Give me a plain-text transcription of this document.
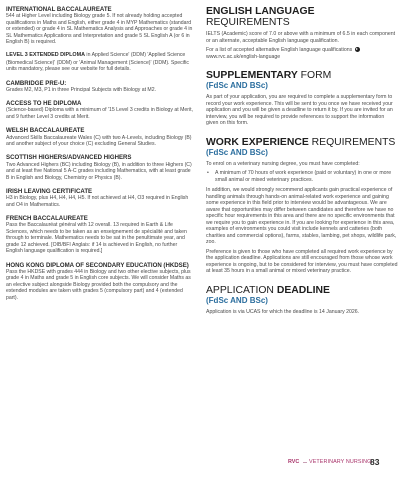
INTERNATIONAL BACCALAUREATE
544 at Higher Level including Biology grade 5. If not already holding accepted qualifications in Maths and English, either grade 4 in MYP Mathematics (standard or extended) or grade 4 in SL Mathematics Analysis and Approaches or grade 4 in SL Mathematics Applications and Interpretation and grade 5 SL English A (or 6 in English B) is required.
LEVEL 3 EXTENDED DIPLOMA in Applied Science' (DDM) 'Applied Science (Biomedical Science)' (DDM) or 'Animal Management (Science)' (DDM). Specific units mandatory, please see our website for full details.
CAMBRIDGE PRE-U:
Grades M2, M3, P1 in three Principal Subjects with Biology at M2.
ACCESS TO HE DIPLOMA
(Science-based) Diploma with a minimum of '15 Level 3 credits in Biology at Merit, and 9 further Level 3 credits at Merit.
WELSH BACCALAUREATE
Advanced Skills Baccalaureate Wales (C) with two A-Levels, including Biology (B) and another subject of your choice (C) excluding General Studies.
SCOTTISH HIGHERS/ADVANCED HIGHERS
Two Advanced Highers (BC) including Biology (B), in addition to three Highers (C) and at least five National 5 A-C grades including Mathematics, with at least grade B in English and Biology, Chemistry or Physics (B).
IRISH LEAVING CERTIFICATE
H3 in Biology, plus H4, H4, H4, H5. If not achieved at H4, O3 required in English and O4 in Mathematics.
FRENCH BACCALAUREATE
Pass the Baccalauréat général with 12 overall. 13 required in Earth & Life Sciences, which needs to be taken as an enseignement de spécialité and taken through to terminale. Mathematics needs to be sat in the penultimate year, and grade 12 achieved. [OIB/BFI Anglais: if 14 is achieved in English, no further English language qualification is required.]
HONG KONG DIPLOMA OF SECONDARY EDUCATION (HKDSE)
Pass the HKDSE with grades 444 in Biology and two other elective subjects, plus grade 4 in Maths and grade 5 in English core subjects. We will consider Maths as an elective subject alongside Biology provided both the compulsory and the extended modules are taken with grades 5 (compulsory part) and 4 (extended part).
ENGLISH LANGUAGE REQUIREMENTS
IELTS (Academic) score of 7.0 or above with a minimum of 6.5 in each component or an alternate, acceptable English language qualification.
For a list of accepted alternative English language qualifications  www.rvc.ac.uk/english-language
SUPPLEMENTARY FORM
(FdSc AND BSc)
As part of your application, you are required to complete a supplementary form to record your work experience. This will be sent to you once we have received your application and you will be given a deadline to return it by. If you are invited for an interview, you will be required to provide references to support the information given on this form.
WORK EXPERIENCE REQUIREMENTS
(FdSc AND BSc)
To enrol on a veterinary nursing degree, you must have completed:
• A minimum of 70 hours of work experience (paid or voluntary) in one or more small animal or mixed veterinary practices.
In addition, we would strongly recommend applicants gain practical experience of handling animals through hands-on animal-related work experience and gaining some experience in this field prior to interview would be advantageous. We are aware that opportunities may differ between candidates and therefore we have no specific hour requirements in this area and there are no specific environments that we require you to gain experience in. If you are looking for experience in this area, examples of environments you could visit include kennels and catteries (both charities and commercial options), farms, stables, lambing, pet shops, wildlife park, zoo.
Preference is given to those who have completed all required work experience by the application deadline. Applications are still encouraged from those whose work experience is ongoing, but to be considered for interview, you must have completed at least 35 hours in a small animal or mixed veterinary practice.
APPLICATION DEADLINE
(FdSc AND BSc)
Application is via UCAS for which the deadline is 14 January 2026.
RVC	VETERINARY NURSING
83
